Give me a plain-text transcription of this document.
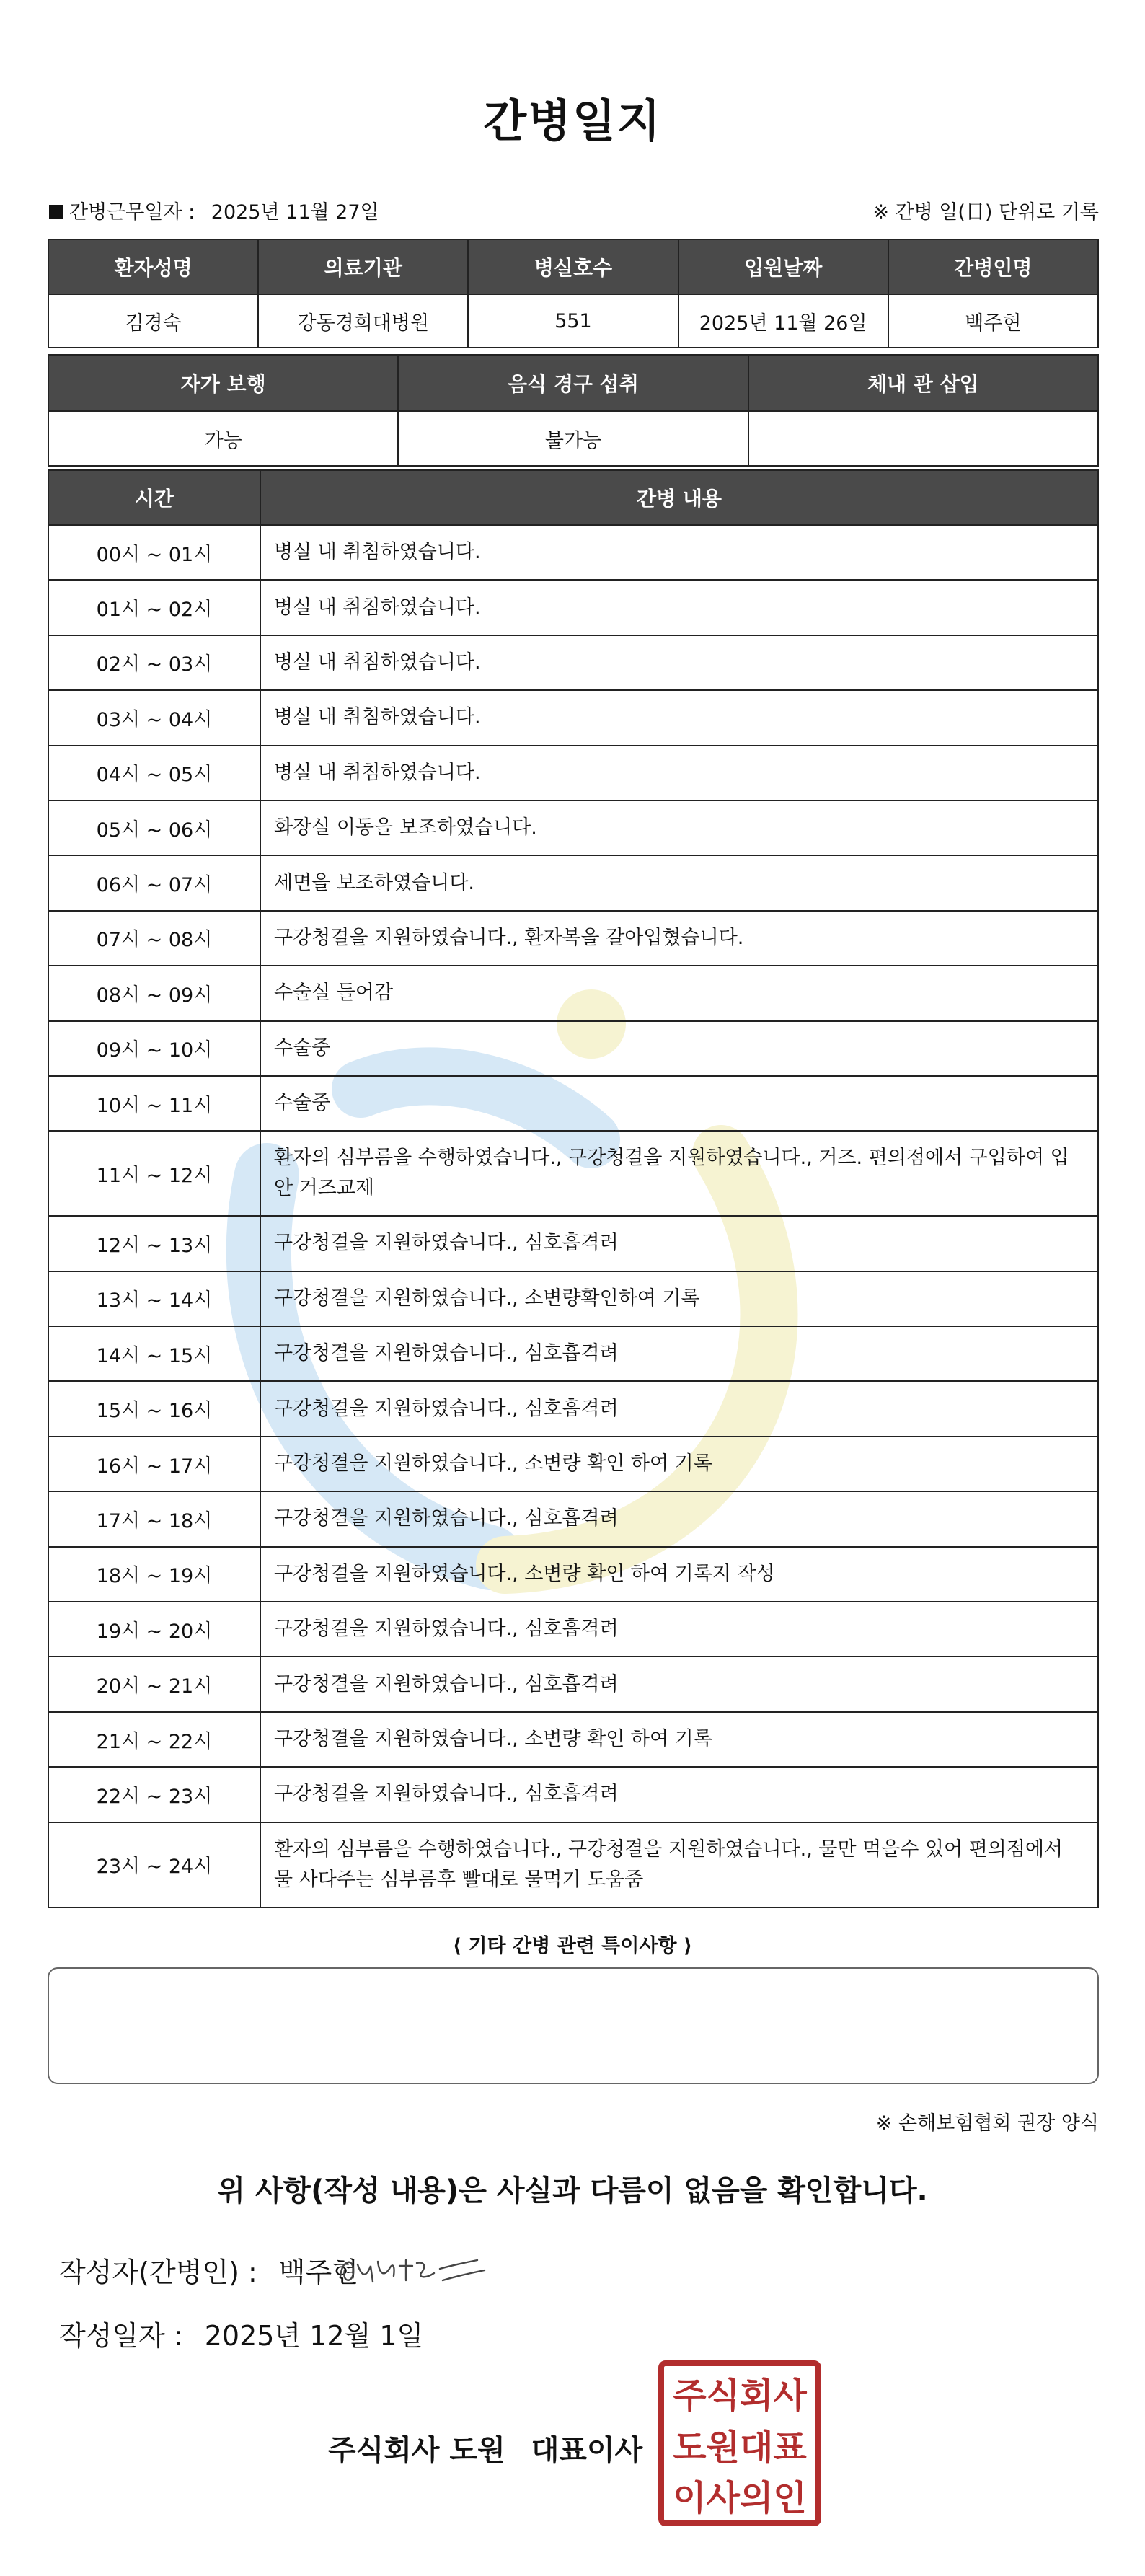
간병일지
간병근무일자 : 2025년 11월 27일	※ 간병 일(日) 단위로 기록
환자성명	의료기관	병실호수	입원날짜	간병인명
김경숙	강동경희대병원	551	2025년 11월 26일	백주현
자가 보행	음식 경구 섭취	체내 관 삽입
가능	불가능	
시간	간병 내용
00시 ~ 01시	병실 내 취침하였습니다.
01시 ~ 02시	병실 내 취침하였습니다.
02시 ~ 03시	병실 내 취침하였습니다.
03시 ~ 04시	병실 내 취침하였습니다.
04시 ~ 05시	병실 내 취침하였습니다.
05시 ~ 06시	화장실 이동을 보조하였습니다.
06시 ~ 07시	세면을 보조하였습니다.
07시 ~ 08시	구강청결을 지원하였습니다., 환자복을 갈아입혔습니다.
08시 ~ 09시	수술실 들어감
09시 ~ 10시	수술중
10시 ~ 11시	수술중
11시 ~ 12시	환자의 심부름을 수행하였습니다., 구강청결을 지원하였습니다., 거즈. 편의점에서 구입하여 입안 거즈교제
12시 ~ 13시	구강청결을 지원하였습니다., 심호흡격려
13시 ~ 14시	구강청결을 지원하였습니다., 소변량확인하여 기록
14시 ~ 15시	구강청결을 지원하였습니다., 심호흡격려
15시 ~ 16시	구강청결을 지원하였습니다., 심호흡격려
16시 ~ 17시	구강청결을 지원하였습니다., 소변량 확인 하여 기록
17시 ~ 18시	구강청결을 지원하였습니다., 심호흡격려
18시 ~ 19시	구강청결을 지원하였습니다., 소변량 확인 하여 기록지 작성
19시 ~ 20시	구강청결을 지원하였습니다., 심호흡격려
20시 ~ 21시	구강청결을 지원하였습니다., 심호흡격려
21시 ~ 22시	구강청결을 지원하였습니다., 소변량 확인 하여 기록
22시 ~ 23시	구강청결을 지원하였습니다., 심호흡격려
23시 ~ 24시	환자의 심부름을 수행하였습니다., 구강청결을 지원하였습니다., 물만 먹을수 있어 편의점에서 물 사다주는 심부름후 빨대로 물먹기 도움줌
⟨ 기타 간병 관련 특이사항 ⟩
※ 손해보험협회 권장 양식
위 사항(작성 내용)은 사실과 다름이 없음을 확인합니다.
작성자(간병인) : 백주현
작성일자 : 2025년 12월 1일
주식회사 도원 대표이사
주식회사
도원대표
이사의인
